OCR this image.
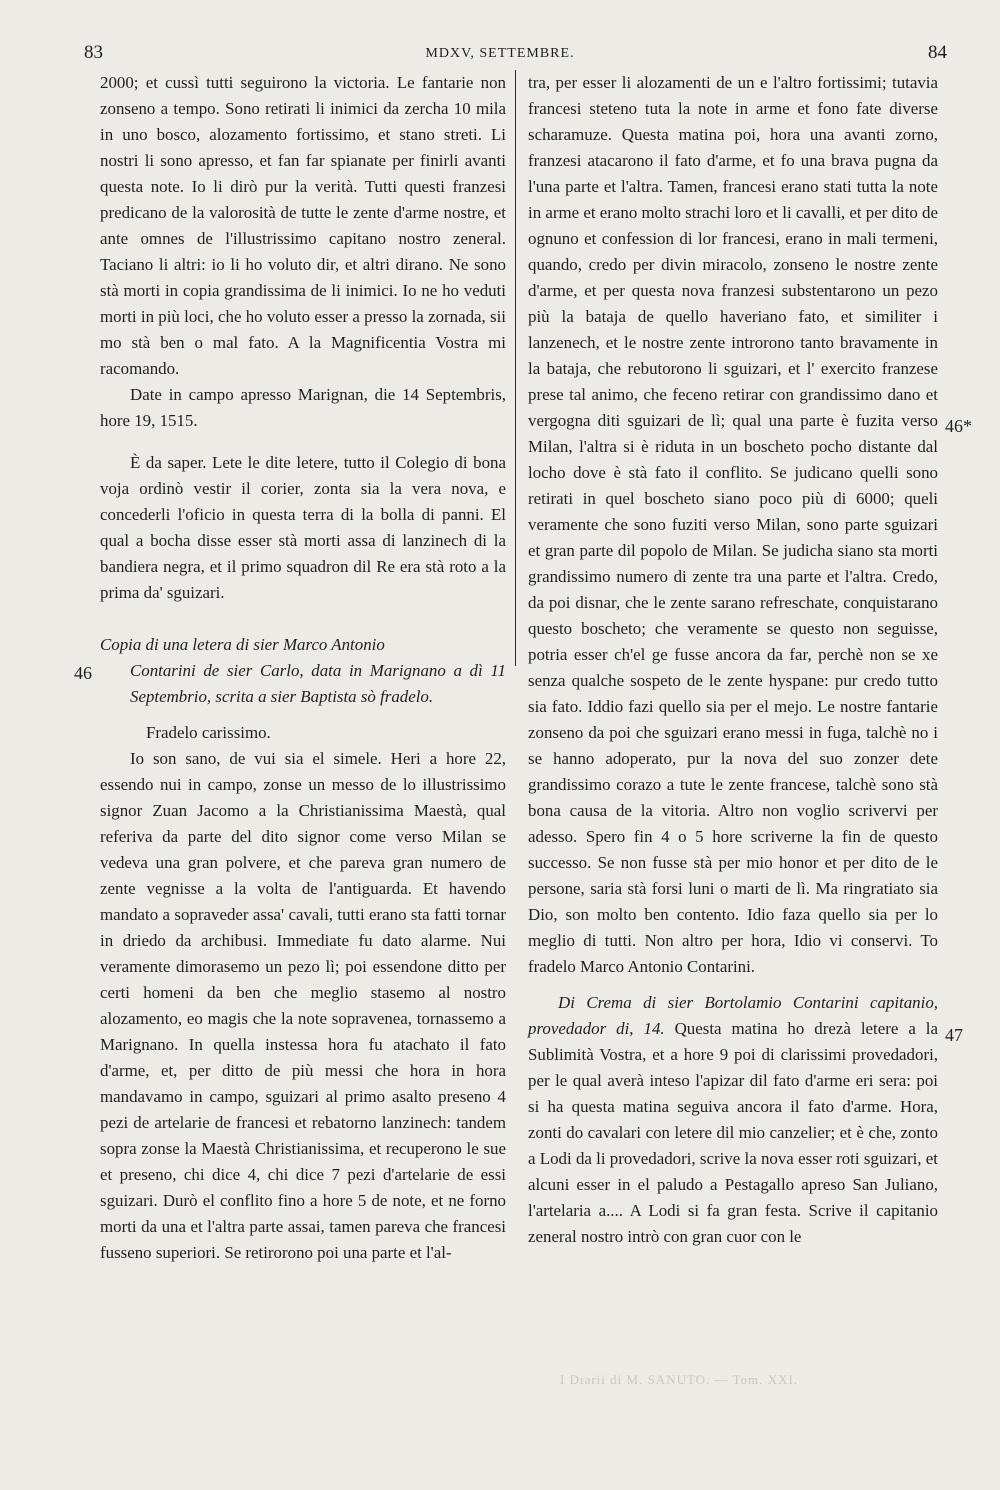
83	MDXV, SETTEMBRE.	84
46
46*
47

2000; et cussì tutti seguirono la victoria. Le fantarie non zonseno a tempo. Sono retirati li inimici da zercha 10 mila in uno bosco, alozamento fortissimo, et stano streti. Li nostri li sono apresso, et fan far spianate per finirli avanti questa note. Io li dirò pur la verità. Tutti questi franzesi predicano de la valorosità de tutte le zente d'arme nostre, et ante omnes de l'illustrissimo capitano nostro zeneral. Taciano li altri: io li ho voluto dir, et altri dirano. Ne sono stà morti in copia grandissima de li inimici. Io ne ho veduti morti in più loci, che ho voluto esser a presso la zornada, sii mo stà ben o mal fato. A la Magnificentia Vostra mi racomando.

Date in campo apresso Marignan, die 14 Septembris, hore 19, 1515.

È da saper. Lete le dite letere, tutto il Colegio di bona voja ordinò vestir il corier, zonta sia la vera nova, e concederli l'oficio in questa terra di la bolla di panni. El qual a bocha disse esser stà morti assa di lanzinech di la bandiera negra, et il primo squadron dil Re era stà roto a la prima da' sguizari.

Copia di una letera di sier Marco Antonio

Contarini de sier Carlo, data in Marignano a dì 11 Septembrio, scrita a sier Baptista sò fradelo.

Fradelo carissimo.

Io son sano, de vui sia el simele. Heri a hore 22, essendo nui in campo, zonse un messo de lo illustrissimo signor Zuan Jacomo a la Christianissima Maestà, qual referiva da parte del dito signor come verso Milan se vedeva una gran polvere, et che pareva gran numero de zente vegnisse a la volta de l'antiguarda. Et havendo mandato a sopraveder assa' cavali, tutti erano sta fatti tornar in driedo da archibusi. Immediate fu dato alarme. Nui veramente dimorasemo un pezo lì; poi essendone ditto per certi homeni da ben che meglio stasemo al nostro alozamento, eo magis che la note sopravenea, tornassemo a Marignano. In quella instessa hora fu atachato il fato d'arme, et, per ditto de più messi che hora in hora mandavamo in campo, sguizari al primo asalto preseno 4 pezi de artelarie de francesi et rebatorno lanzinech: tandem sopra zonse la Maestà Christianissima, et recuperono le sue et preseno, chi dice 4, chi dice 7 pezi d'artelarie de essi sguizari. Durò el conflito fino a hore 5 de note, et ne forno morti da una et l'altra parte assai, tamen pareva che francesi fusseno superiori. Se retirorono poi una parte et l'al-

tra, per esser li alozamenti de un e l'altro fortissimi; tutavia francesi steteno tuta la note in arme et fono fate diverse scharamuze. Questa matina poi, hora una avanti zorno, franzesi atacarono il fato d'arme, et fo una brava pugna da l'una parte et l'altra. Tamen, francesi erano stati tutta la note in arme et erano molto strachi loro et li cavalli, et per dito de ognuno et confession di lor francesi, erano in mali termeni, quando, credo per divin miracolo, zonseno le nostre zente d'arme, et per questa nova franzesi substentarono un pezo più la bataja de quello haveriano fato, et similiter i lanzenech, et le nostre zente introrono tanto bravamente in la bataja, che rebutorono li sguizari, et l' exercito franzese prese tal animo, che feceno retirar con grandissimo dano et vergogna diti sguizari de lì; qual una parte è fuzita verso Milan, l'altra si è riduta in un boscheto pocho distante dal locho dove è stà fato il conflito. Se judicano quelli sono retirati in quel boscheto siano poco più di 6000; queli veramente che sono fuziti verso Milan, sono parte sguizari et gran parte dil popolo de Milan. Se judicha siano sta morti grandissimo numero di zente tra una parte et l'altra. Credo, da poi disnar, che le zente sarano refreschate, conquistarano questo boscheto; che veramente se questo non seguisse, potria esser ch'el ge fusse ancora da far, perchè non se xe senza qualche sospeto de le zente hyspane: pur credo tutto sia fato. Iddio fazi quello sia per el mejo. Le nostre fantarie zonseno da poi che sguizari erano messi in fuga, talchè no i se hanno adoperato, pur la nova del suo zonzer dete grandissimo corazo a tute le zente francese, talchè sono stà bona causa de la vitoria. Altro non voglio scrivervi per adesso. Spero fin 4 o 5 hore scriverne la fin de questo successo. Se non fusse stà per mio honor et per dito de le persone, saria stà forsi luni o marti de lì. Ma ringratiato sia Dio, son molto ben contento. Idio faza quello sia per lo meglio di tutti. Non altro per hora, Idio vi conservi. To fradelo Marco Antonio Contarini.

Di Crema di sier Bortolamio Contarini capitanio, provedador di, 14. Questa matina ho drezà letere a la Sublimità Vostra, et a hore 9 poi di clarissimi provedadori, per le qual averà inteso l'apizar dil fato d'arme eri sera: poi si ha questa matina seguiva ancora il fato d'arme. Hora, zonti do cavalari con letere dil mio canzelier; et è che, zonto a Lodi da li provedadori, scrive la nova esser roti sguizari, et alcuni esser in el paludo a Pestagallo apreso San Juliano, l'artelaria a.... A Lodi si fa gran festa. Scrive il capitanio zeneral nostro intrò con gran cuor con le

I Diarii di M. SANUTO. — Tom. XXI.
